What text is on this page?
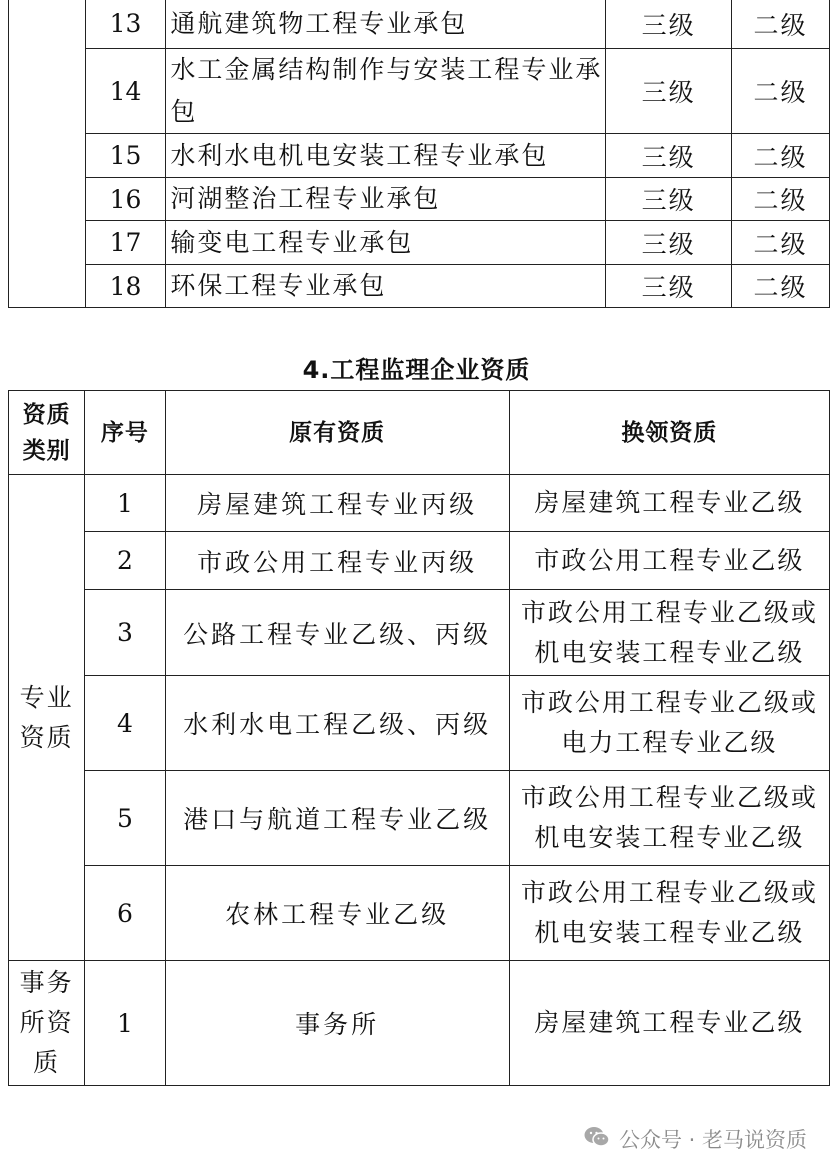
	13	通航建筑物工程专业承包	三级	二级
	14	水工金属结构制作与安装工程专业承包	三级	二级
	15	水利水电机电安装工程专业承包	三级	二级
	16	河湖整治工程专业承包	三级	二级
	17	输变电工程专业承包	三级	二级
	18	环保工程专业承包	三级	二级
4.工程监理企业资质
资质类别	序号	原有资质	换领资质

专业资质	1	房屋建筑工程专业丙级	房屋建筑工程专业乙级
	2	市政公用工程专业丙级	市政公用工程专业乙级
	3	公路工程专业乙级、丙级	市政公用工程专业乙级或机电安装工程专业乙级
	4	水利水电工程乙级、丙级	市政公用工程专业乙级或电力工程专业乙级
	5	港口与航道工程专业乙级	市政公用工程专业乙级或机电安装工程专业乙级
	6	农林工程专业乙级	市政公用工程专业乙级或机电安装工程专业乙级

事务所资质	1	事务所	房屋建筑工程专业乙级
公众号 · 老马说资质
